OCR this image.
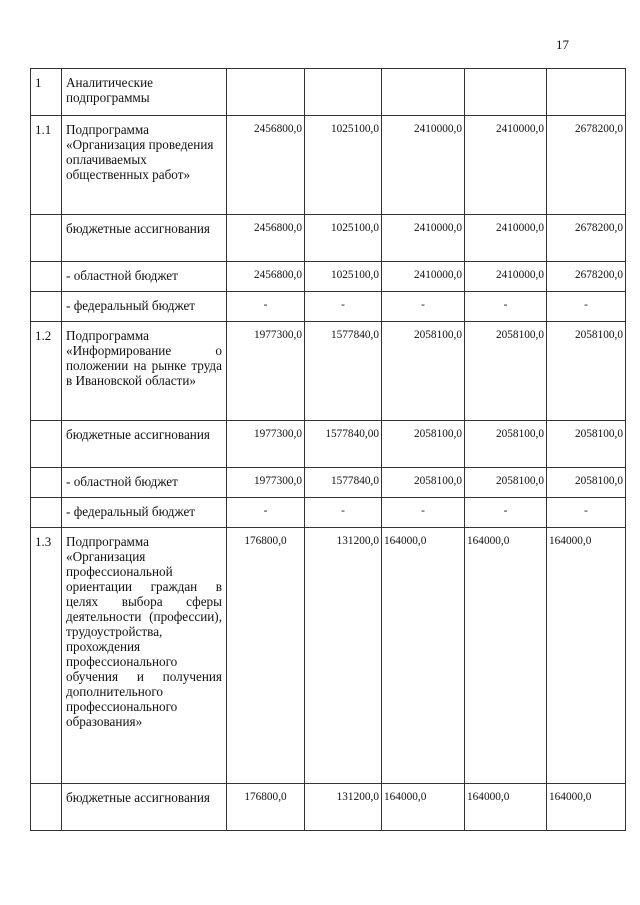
17
1	Аналитические подпрограммы					
1.1	Подпрограмма «Организация проведения оплачиваемых общественных работ»	2456800,0	1025100,0	2410000,0	2410000,0	2678200,0
	бюджетные ассигнования	2456800,0	1025100,0	2410000,0	2410000,0	2678200,0
	- областной бюджет	2456800,0	1025100,0	2410000,0	2410000,0	2678200,0
	- федеральный бюджет	-	-	-	-	-
1.2	Подпрограмма «Информирование о положении на рынке труда в Ивановской области»	1977300,0	1577840,0	2058100,0	2058100,0	2058100,0
	бюджетные ассигнования	1977300,0	1577840,00	2058100,0	2058100,0	2058100,0
	- областной бюджет	1977300,0	1577840,0	2058100,0	2058100,0	2058100,0
	- федеральный бюджет	-	-	-	-	-
1.3	Подпрограмма «Организация профессиональной ориентации граждан в целях выбора сферы деятельности (профессии), трудоустройства, прохождения профессионального обучения и получения дополнительного профессионального образования»	176800,0	131200,0	164000,0	164000,0	164000,0
	бюджетные ассигнования	176800,0	131200,0	164000,0	164000,0	164000,0
